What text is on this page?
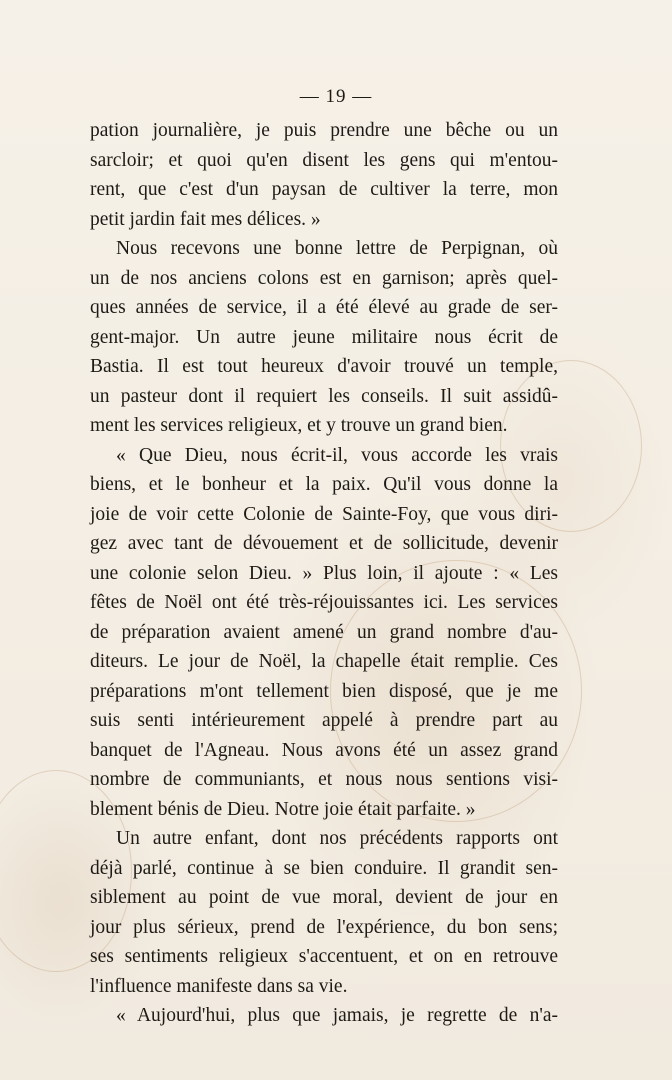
— 19 —
pation journalière, je puis prendre une bêche ou un
sarcloir; et quoi qu'en disent les gens qui m'entou-
rent, que c'est d'un paysan de cultiver la terre, mon
petit jardin fait mes délices. »
Nous recevons une bonne lettre de Perpignan, où
un de nos anciens colons est en garnison; après quel-
ques années de service, il a été élevé au grade de ser-
gent-major. Un autre jeune militaire nous écrit de
Bastia. Il est tout heureux d'avoir trouvé un temple,
un pasteur dont il requiert les conseils. Il suit assidû-
ment les services religieux, et y trouve un grand bien.
« Que Dieu, nous écrit-il, vous accorde les vrais
biens, et le bonheur et la paix. Qu'il vous donne la
joie de voir cette Colonie de Sainte-Foy, que vous diri-
gez avec tant de dévouement et de sollicitude, devenir
une colonie selon Dieu. » Plus loin, il ajoute : « Les
fêtes de Noël ont été très-réjouissantes ici. Les services
de préparation avaient amené un grand nombre d'au-
diteurs. Le jour de Noël, la chapelle était remplie. Ces
préparations m'ont tellement bien disposé, que je me
suis senti intérieurement appelé à prendre part au
banquet de l'Agneau. Nous avons été un assez grand
nombre de communiants, et nous nous sentions visi-
blement bénis de Dieu. Notre joie était parfaite. »
Un autre enfant, dont nos précédents rapports ont
déjà parlé, continue à se bien conduire. Il grandit sen-
siblement au point de vue moral, devient de jour en
jour plus sérieux, prend de l'expérience, du bon sens;
ses sentiments religieux s'accentuent, et on en retrouve
l'influence manifeste dans sa vie.
« Aujourd'hui, plus que jamais, je regrette de n'a-
